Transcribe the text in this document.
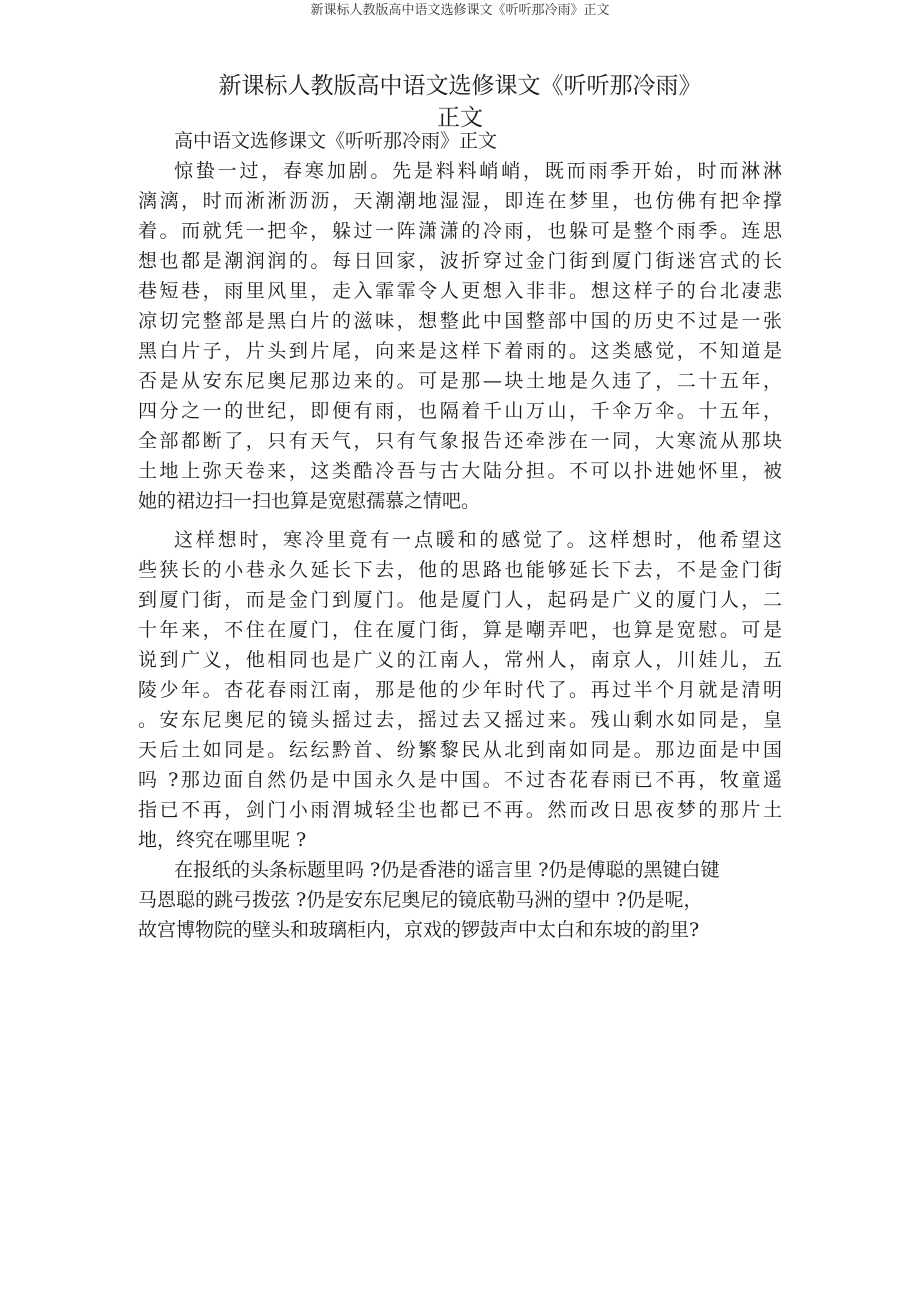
新课标人教版高中语文选修课文《听听那冷雨》正文
新课标人教版高中语文选修课文《听听那冷雨》
正文
高中语文选修课文《听听那冷雨》正文
惊蛰一过，春寒加剧。先是料料峭峭，既而雨季开始，时而淋淋
漓漓，时而淅淅沥沥，天潮潮地湿湿，即连在梦里，也仿佛有把伞撑
着。而就凭一把伞，躲过一阵潇潇的冷雨，也躲可是整个雨季。连思
想也都是潮润润的。每日回家，波折穿过金门街到厦门街迷宫式的长
巷短巷，雨里风里，走入霏霏令人更想入非非。想这样子的台北凄悲
凉切完整部是黑白片的滋味，想整此中国整部中国的历史不过是一张
黑白片子，片头到片尾，向来是这样下着雨的。这类感觉，不知道是
否是从安东尼奥尼那边来的。可是那—块土地是久违了，二十五年，
四分之一的世纪，即便有雨，也隔着千山万山，千伞万伞。十五年，
全部都断了，只有天气，只有气象报告还牵涉在一同，大寒流从那块
土地上弥天卷来，这类酷冷吾与古大陆分担。不可以扑进她怀里，被
她的裙边扫一扫也算是宽慰孺慕之情吧。
这样想时，寒冷里竟有一点暖和的感觉了。这样想时，他希望这
些狭长的小巷永久延长下去，他的思路也能够延长下去，不是金门街
到厦门街，而是金门到厦门。他是厦门人，起码是广义的厦门人，二
十年来，不住在厦门，住在厦门街，算是嘲弄吧，也算是宽慰。可是
说到广义，他相同也是广义的江南人，常州人，南京人，川娃儿，五
陵少年。杏花春雨江南，那是他的少年时代了。再过半个月就是清明
。安东尼奥尼的镜头摇过去，摇过去又摇过来。残山剩水如同是，皇
天后土如同是。纭纭黔首、纷繁黎民从北到南如同是。那边面是中国
吗 ?那边面自然仍是中国永久是中国。不过杏花春雨已不再，牧童遥
指已不再，剑门小雨渭城轻尘也都已不再。然而改日思夜梦的那片土
地，终究在哪里呢 ?
在报纸的头条标题里吗 ?仍是香港的谣言里 ?仍是傅聪的黑键白键
马恩聪的跳弓拨弦 ?仍是安东尼奥尼的镜底勒马洲的望中 ?仍是呢，
故宫博物院的壁头和玻璃柜内，京戏的锣鼓声中太白和东坡的韵里?
